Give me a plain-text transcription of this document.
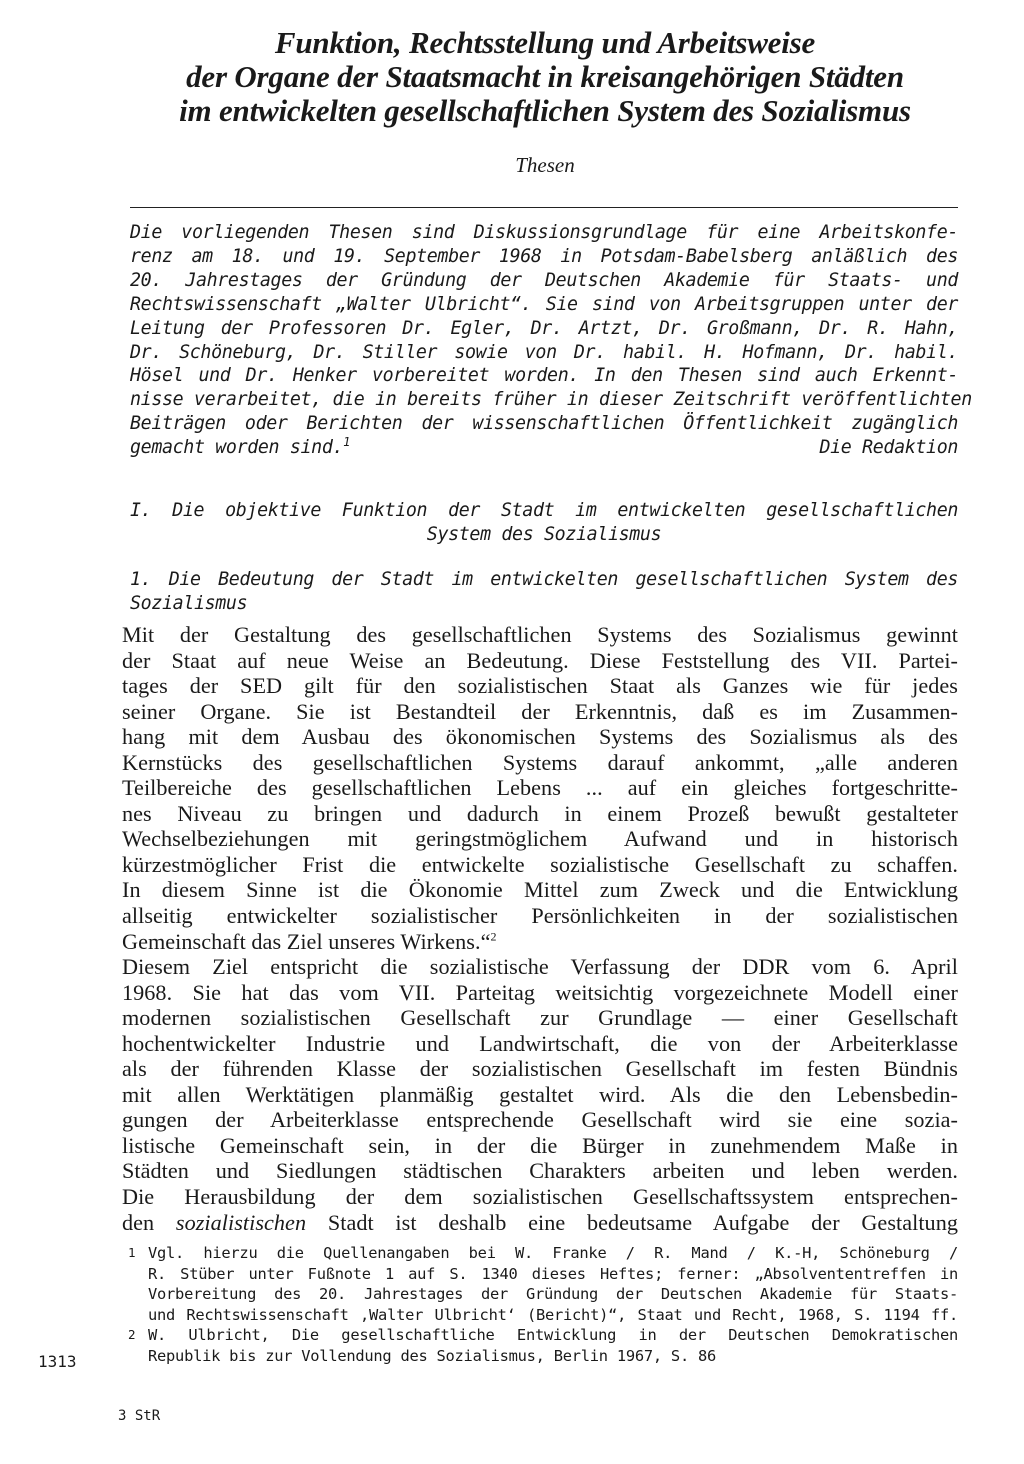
Funktion, Rechtsstellung und Arbeitsweise
der Organe der Staatsmacht in kreisangehörigen Städten
im entwickelten gesellschaftlichen System des Sozialismus
Thesen
Die vorliegenden Thesen sind Diskussionsgrundlage für eine Arbeitskonfe-
renz am 18. und 19. September 1968 in Potsdam-Babelsberg anläßlich des
20. Jahrestages der Gründung der Deutschen Akademie für Staats- und
Rechtswissenschaft „Walter Ulbricht“. Sie sind von Arbeitsgruppen unter der
Leitung der Professoren Dr. Egler, Dr. Artzt, Dr. Großmann, Dr. R. Hahn,
Dr. Schöneburg, Dr. Stiller sowie von Dr. habil. H. Hofmann, Dr. habil.
Hösel und Dr. Henker vorbereitet worden. In den Thesen sind auch Erkennt-
nisse verarbeitet, die in bereits früher in dieser Zeitschrift veröffentlichten
Beiträgen oder Berichten der wissenschaftlichen Öffentlichkeit zugänglich
gemacht worden sind.$^1$	Die Redaktion
I. Die objektive Funktion der Stadt im entwickelten gesellschaftlichen
System des Sozialismus
1. Die Bedeutung der Stadt im entwickelten gesellschaftlichen System des
Sozialismus
Mit der Gestaltung des gesellschaftlichen Systems des Sozialismus gewinnt
der Staat auf neue Weise an Bedeutung. Diese Feststellung des VII. Partei-
tages der SED gilt für den sozialistischen Staat als Ganzes wie für jedes
seiner Organe. Sie ist Bestandteil der Erkenntnis, daß es im Zusammen-
hang mit dem Ausbau des ökonomischen Systems des Sozialismus als des
Kernstücks des gesellschaftlichen Systems darauf ankommt, „alle anderen
Teilbereiche des gesellschaftlichen Lebens ... auf ein gleiches fortgeschritte-
nes Niveau zu bringen und dadurch in einem Prozeß bewußt gestalteter
Wechselbeziehungen mit geringstmöglichem Aufwand und in historisch
kürzestmöglicher Frist die entwickelte sozialistische Gesellschaft zu schaffen.
In diesem Sinne ist die Ökonomie Mittel zum Zweck und die Entwicklung
allseitig entwickelter sozialistischer Persönlichkeiten in der sozialistischen
Gemeinschaft das Ziel unseres Wirkens.“$^2$
Diesem Ziel entspricht die sozialistische Verfassung der DDR vom 6. April
1968. Sie hat das vom VII. Parteitag weitsichtig vorgezeichnete Modell einer
modernen sozialistischen Gesellschaft zur Grundlage — einer Gesellschaft
hochentwickelter Industrie und Landwirtschaft, die von der Arbeiterklasse
als der führenden Klasse der sozialistischen Gesellschaft im festen Bündnis
mit allen Werktätigen planmäßig gestaltet wird. Als die den Lebensbedin-
gungen der Arbeiterklasse entsprechende Gesellschaft wird sie eine sozia-
listische Gemeinschaft sein, in der die Bürger in zunehmendem Maße in
Städten und Siedlungen städtischen Charakters arbeiten und leben werden.
Die Herausbildung der dem sozialistischen Gesellschaftssystem entsprechen-
den sozialistischen Stadt ist deshalb eine bedeutsame Aufgabe der Gestaltung
1 Vgl. hierzu die Quellenangaben bei W. Franke / R. Mand / K.-H, Schöneburg /
R. Stüber unter Fußnote 1 auf S. 1340 dieses Heftes; ferner: „Absolvententreffen in
Vorbereitung des 20. Jahrestages der Gründung der Deutschen Akademie für Staats-
und Rechtswissenschaft ‚Walter Ulbricht‘ (Bericht)“, Staat und Recht, 1968, S. 1194 ff.
2 W. Ulbricht, Die gesellschaftliche Entwicklung in der Deutschen Demokratischen
Republik bis zur Vollendung des Sozialismus, Berlin 1967, S. 86
1313
3 StR
